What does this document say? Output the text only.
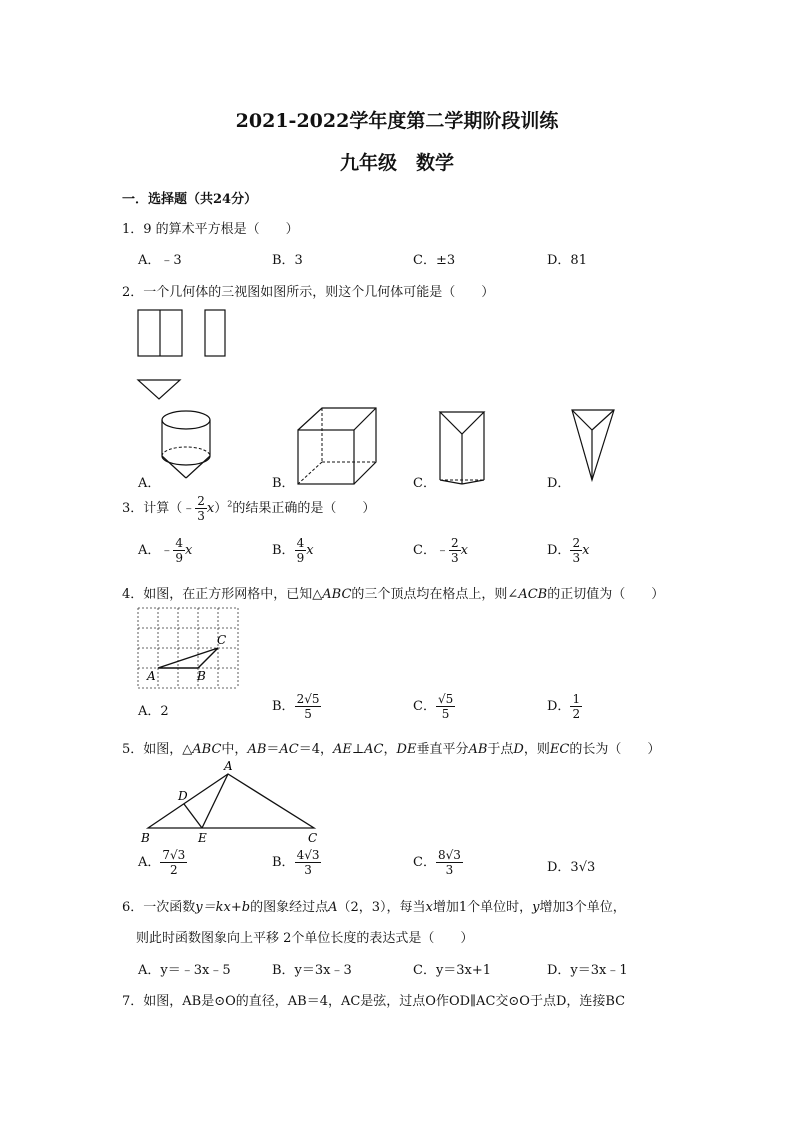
2021-2022学年度第二学期阶段训练
九年级　数学
一．选择题（共24分）
1．9 的算术平方根是（　　）
A．﹣3	B．3	C．±3	D．81
2．一个几何体的三视图如图所示，则这个几何体可能是（　　）
A．	B．	C．	D．
3．计算（﹣ $\frac{2}{3} x)^2$的结果正确的是（　　）
A．﹣ $\frac{4}{9}$ x	B． $\frac{4}{9}$ x	C．﹣ $\frac{2}{3}$ x	D． $\frac{2}{3}$ x
4．如图，在正方形网格中，已知△ABC的三个顶点均在格点上，则∠ACB的正切值为（　　）
A	B
C
A．2	B． $\frac{2√5}{5}$	C． $\frac{√5}{5}$	D． $\frac{1}{2}$
5．如图，△ABC中，AB＝AC＝4，AE⊥AC，DE垂直平分AB于点D，则EC的长为（　　）
A
D
B	E	C
A． $\frac{7√3}{2}$	B． $\frac{4√3}{3}$	C． $\frac{8√3}{3}$	D．3√3
6．一次函数y＝kx+b的图象经过点A（2，3），每当x增加1个单位时，y增加3个单位，
则此时函数图象向上平移 2个单位长度的表达式是（　　）
A．y＝﹣3x﹣5	B．y＝3x﹣3	C．y＝3x+1	D．y＝3x﹣1
7．如图，AB是⊙O的直径，AB＝4，AC是弦，过点O作OD∥AC交⊙O于点D，连接BC
